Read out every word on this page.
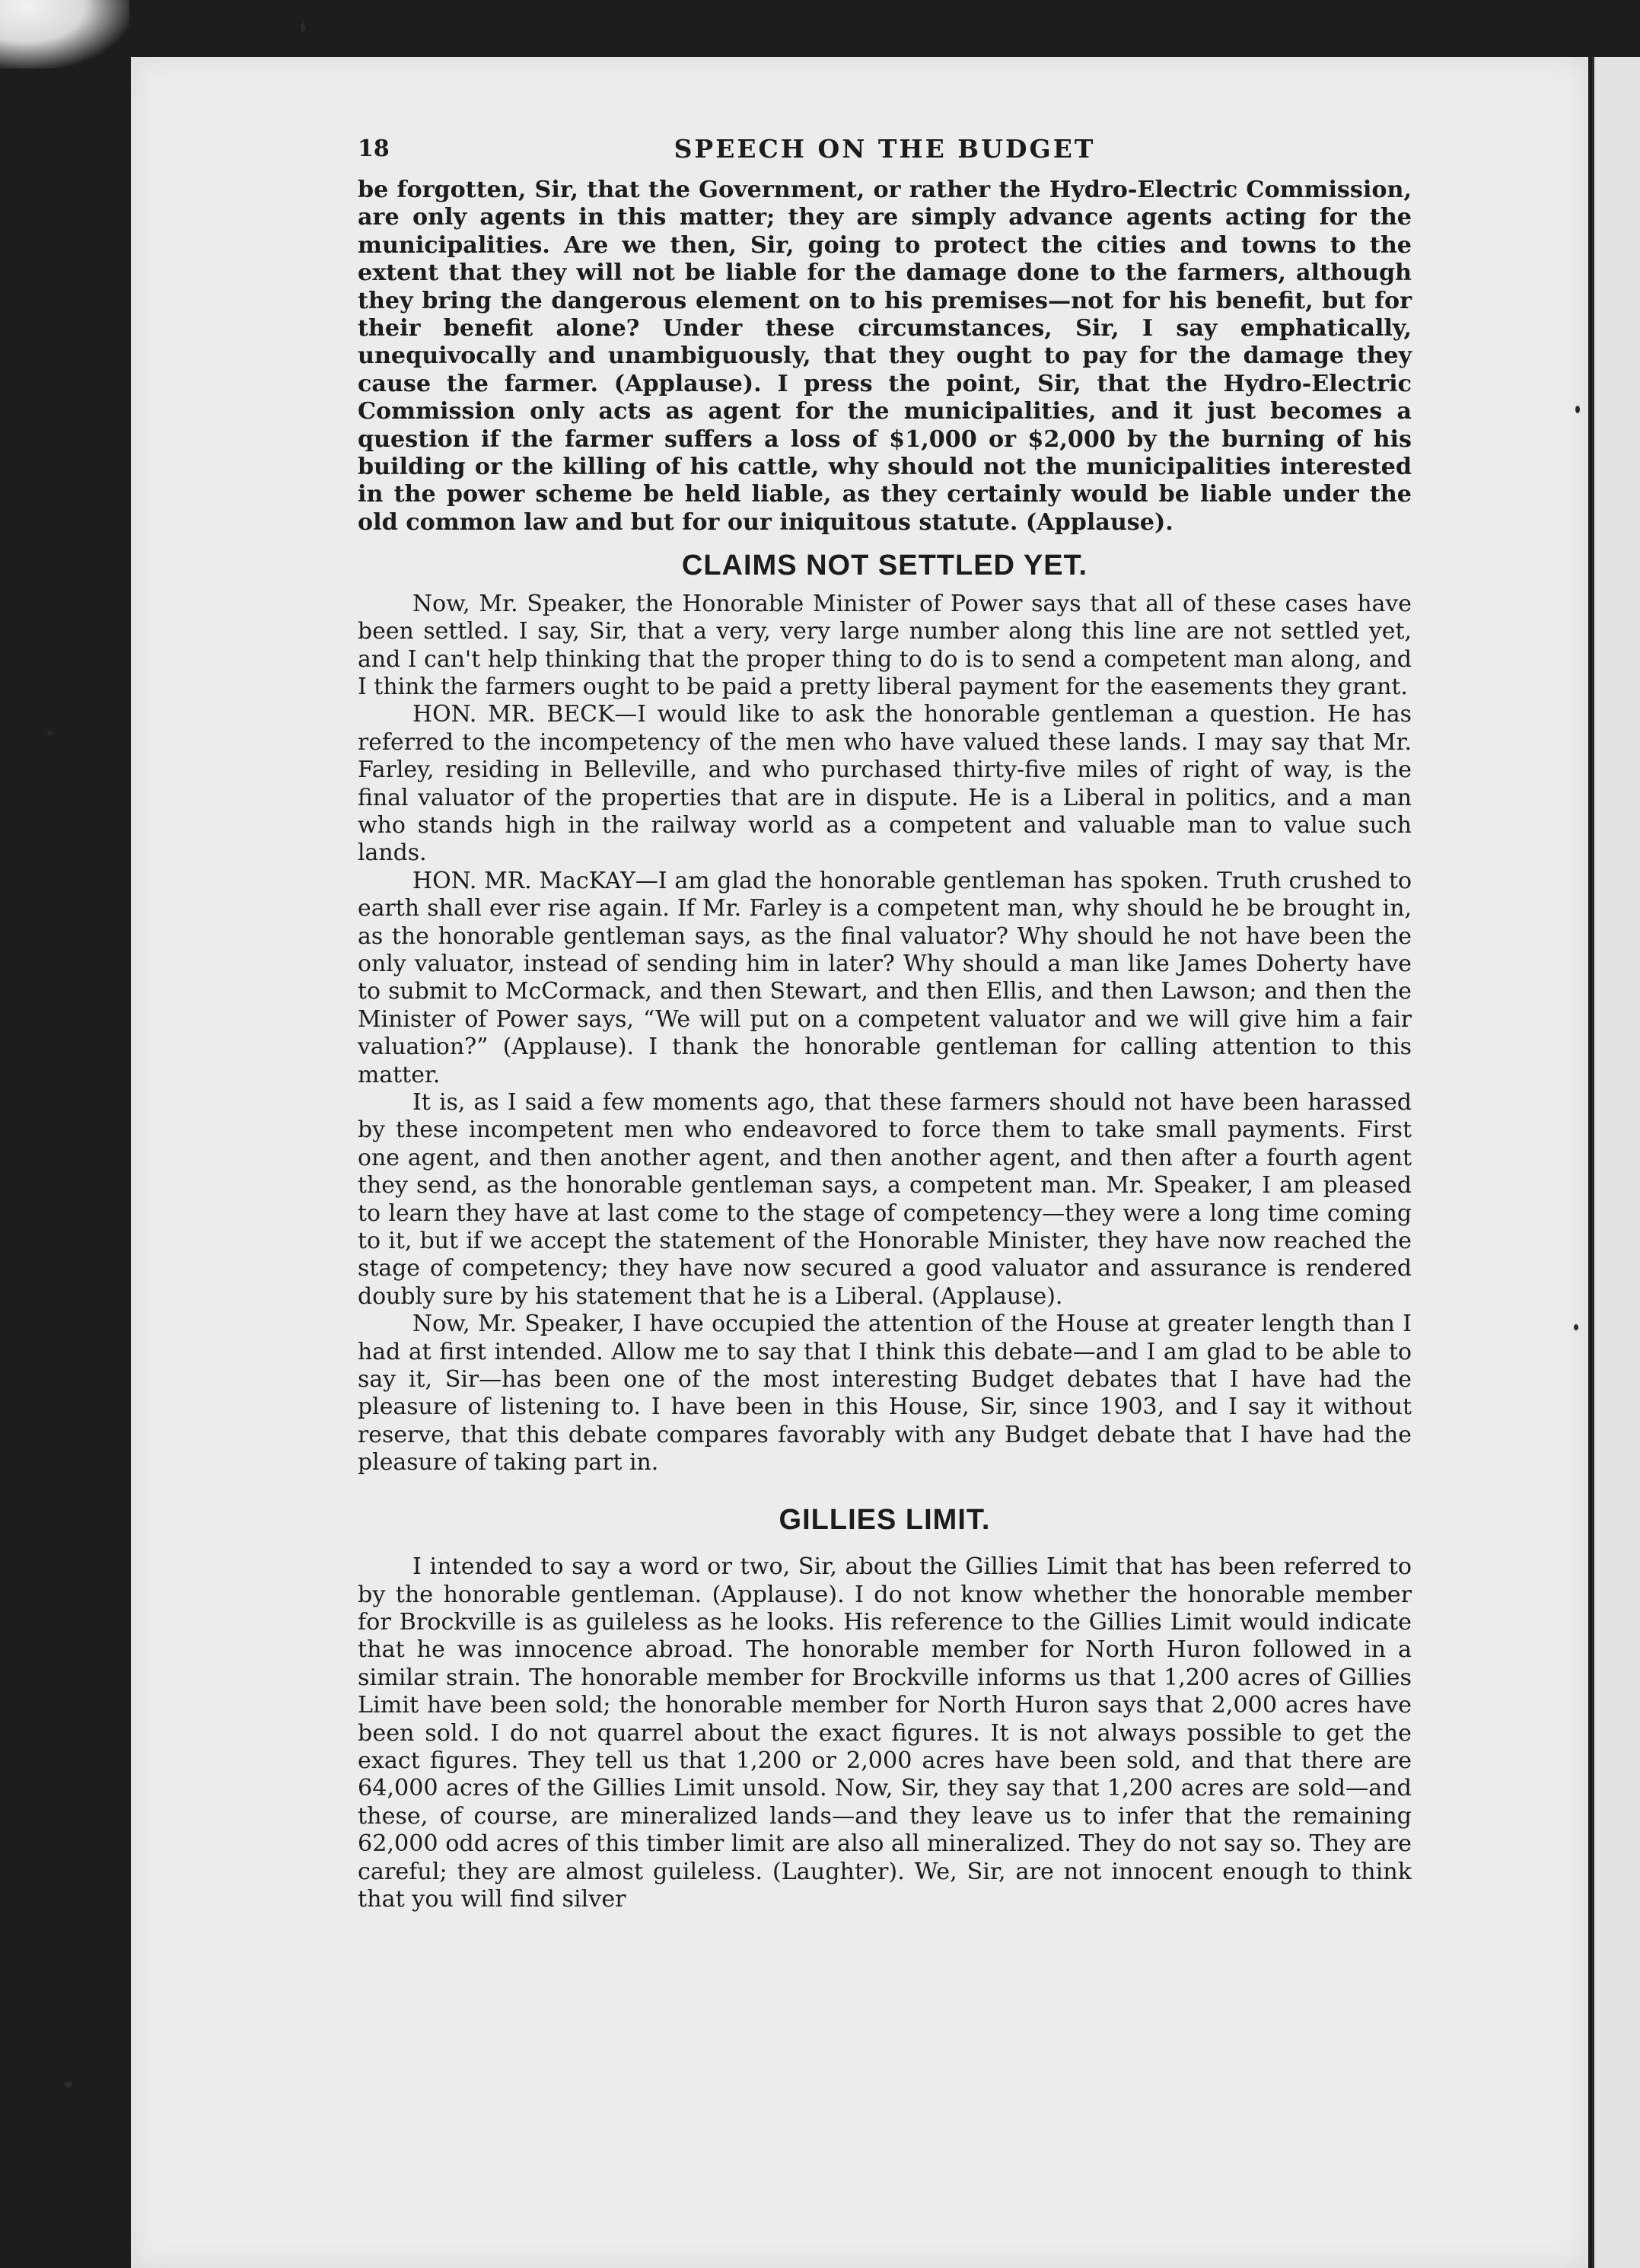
18	SPEECH ON THE BUDGET

be forgotten, Sir, that the Government, or rather the Hydro-Electric Commission, are only agents in this matter; they are simply advance agents acting for the municipalities. Are we then, Sir, going to protect the cities and towns to the extent that they will not be liable for the damage done to the farmers, although they bring the dangerous element on to his premises—not for his benefit, but for their benefit alone? Under these circumstances, Sir, I say emphatically, unequivocally and unambiguously, that they ought to pay for the damage they cause the farmer. (Applause). I press the point, Sir, that the Hydro-Electric Commission only acts as agent for the municipalities, and it just becomes a question if the farmer suffers a loss of $1,000 or $2,000 by the burning of his building or the killing of his cattle, why should not the municipalities interested in the power scheme be held liable, as they certainly would be liable under the old common law and but for our iniquitous statute. (Applause).

CLAIMS NOT SETTLED YET.

Now, Mr. Speaker, the Honorable Minister of Power says that all of these cases have been settled. I say, Sir, that a very, very large number along this line are not settled yet, and I can't help thinking that the proper thing to do is to send a competent man along, and I think the farmers ought to be paid a pretty liberal payment for the easements they grant.

HON. MR. BECK—I would like to ask the honorable gentleman a question. He has referred to the incompetency of the men who have valued these lands. I may say that Mr. Farley, residing in Belleville, and who purchased thirty-five miles of right of way, is the final valuator of the properties that are in dispute. He is a Liberal in politics, and a man who stands high in the railway world as a competent and valuable man to value such lands.

HON. MR. MacKAY—I am glad the honorable gentleman has spoken. Truth crushed to earth shall ever rise again. If Mr. Farley is a competent man, why should he be brought in, as the honorable gentleman says, as the final valuator? Why should he not have been the only valuator, instead of sending him in later? Why should a man like James Doherty have to submit to McCormack, and then Stewart, and then Ellis, and then Lawson; and then the Minister of Power says, “We will put on a competent valuator and we will give him a fair valuation?” (Applause). I thank the honorable gentleman for calling attention to this matter.

It is, as I said a few moments ago, that these farmers should not have been harassed by these incompetent men who endeavored to force them to take small payments. First one agent, and then another agent, and then another agent, and then after a fourth agent they send, as the honorable gentleman says, a competent man. Mr. Speaker, I am pleased to learn they have at last come to the stage of competency—they were a long time coming to it, but if we accept the statement of the Honorable Minister, they have now reached the stage of competency; they have now secured a good valuator and assurance is rendered doubly sure by his statement that he is a Liberal. (Applause).

Now, Mr. Speaker, I have occupied the attention of the House at greater length than I had at first intended. Allow me to say that I think this debate—and I am glad to be able to say it, Sir—has been one of the most interesting Budget debates that I have had the pleasure of listening to. I have been in this House, Sir, since 1903, and I say it without reserve, that this debate compares favorably with any Budget debate that I have had the pleasure of taking part in.

GILLIES LIMIT.

I intended to say a word or two, Sir, about the Gillies Limit that has been referred to by the honorable gentleman. (Applause). I do not know whether the honorable member for Brockville is as guileless as he looks. His reference to the Gillies Limit would indicate that he was innocence abroad. The honorable member for North Huron followed in a similar strain. The honorable member for Brockville informs us that 1,200 acres of Gillies Limit have been sold; the honorable member for North Huron says that 2,000 acres have been sold. I do not quarrel about the exact figures. It is not always possible to get the exact figures. They tell us that 1,200 or 2,000 acres have been sold, and that there are 64,000 acres of the Gillies Limit unsold. Now, Sir, they say that 1,200 acres are sold—and these, of course, are mineralized lands—and they leave us to infer that the remaining 62,000 odd acres of this timber limit are also all mineralized. They do not say so. They are careful; they are almost guileless. (Laughter). We, Sir, are not innocent enough to think that you will find silver
